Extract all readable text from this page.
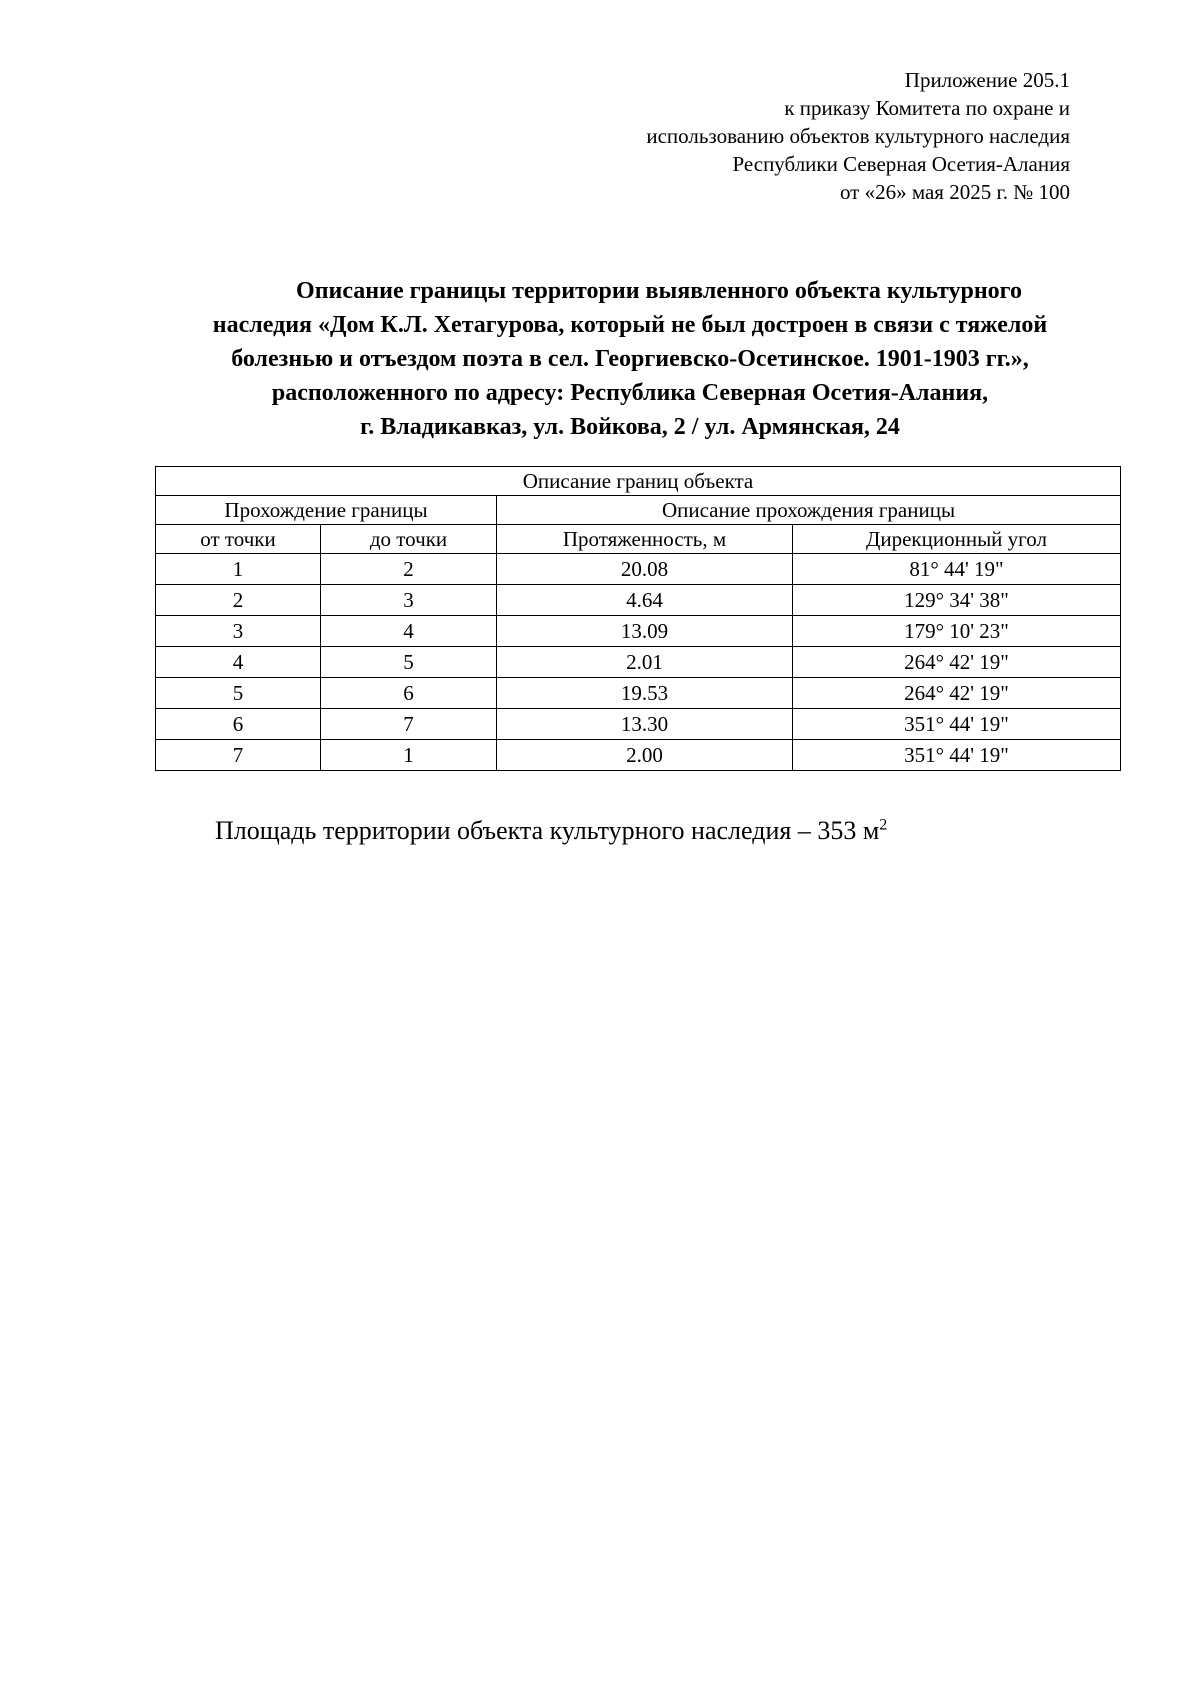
Приложение 205.1
к приказу Комитета по охране и
использованию объектов культурного наследия
Республики Северная Осетия-Алания
от «26» мая 2025 г. № 100
Описание границы территории выявленного объекта культурного
наследия «Дом К.Л. Хетагурова, который не был достроен в связи с тяжелой
болезнью и отъездом поэта в сел. Георгиевско-Осетинское. 1901-1903 гг.»,
расположенного по адресу: Республика Северная Осетия-Алания,
г. Владикавказ, ул. Войкова, 2 / ул. Армянская, 24
Описание границ объекта			
Прохождение границы		Описание прохождения границы	
от точки	до точки	Протяженность, м	Дирекционный угол
1	2	20.08	81° 44' 19"
2	3	4.64	129° 34' 38"
3	4	13.09	179° 10' 23"
4	5	2.01	264° 42' 19"
5	6	19.53	264° 42' 19"
6	7	13.30	351° 44' 19"
7	1	2.00	351° 44' 19"
Площадь территории объекта культурного наследия – 353 $м^2$
